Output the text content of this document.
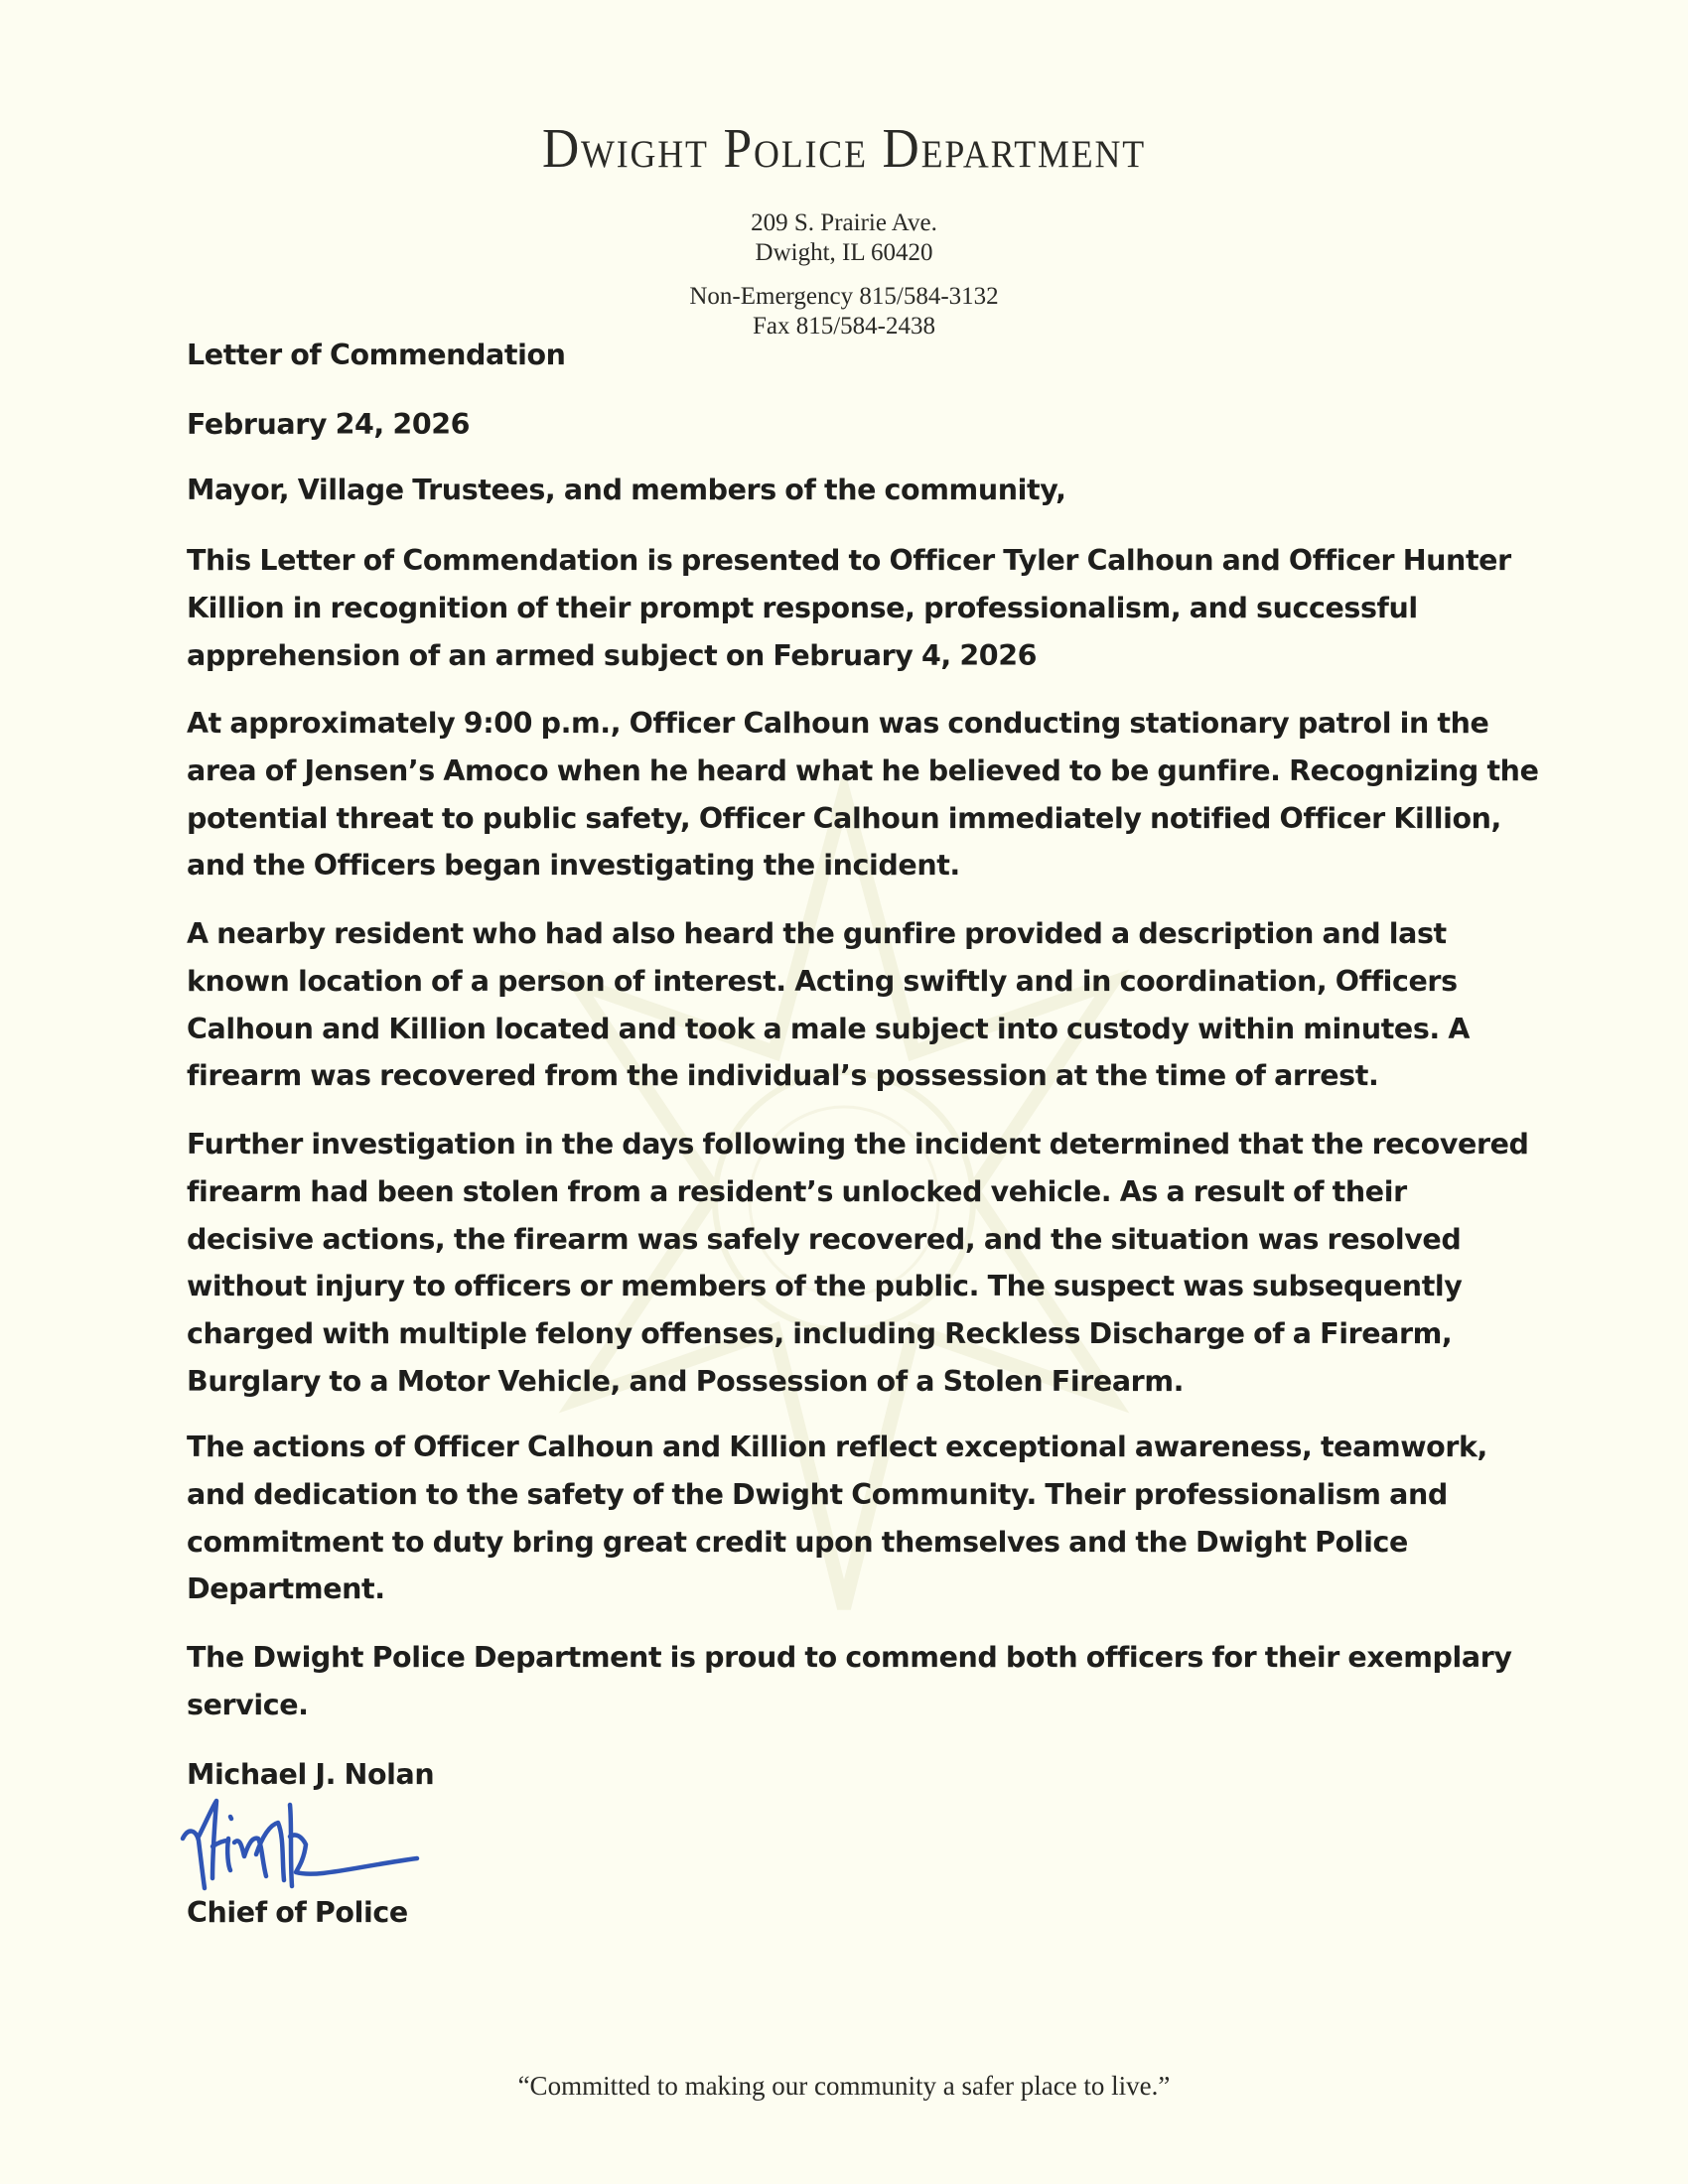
Dwight Police Department
209 S. Prairie Ave.
Dwight, IL 60420
Non-Emergency 815/584-3132
Fax 815/584-2438
Letter of Commendation
February 24, 2026
Mayor, Village Trustees, and members of the community,
This Letter of Commendation is presented to Officer Tyler Calhoun and Officer Hunter
Killion in recognition of their prompt response, professionalism, and successful
apprehension of an armed subject on February 4, 2026
At approximately 9:00 p.m., Officer Calhoun was conducting stationary patrol in the
area of Jensen’s Amoco when he heard what he believed to be gunfire. Recognizing the
potential threat to public safety, Officer Calhoun immediately notified Officer Killion,
and the Officers began investigating the incident.
A nearby resident who had also heard the gunfire provided a description and last
known location of a person of interest. Acting swiftly and in coordination, Officers
Calhoun and Killion located and took a male subject into custody within minutes. A
firearm was recovered from the individual’s possession at the time of arrest.
Further investigation in the days following the incident determined that the recovered
firearm had been stolen from a resident’s unlocked vehicle. As a result of their
decisive actions, the firearm was safely recovered, and the situation was resolved
without injury to officers or members of the public. The suspect was subsequently
charged with multiple felony offenses, including Reckless Discharge of a Firearm,
Burglary to a Motor Vehicle, and Possession of a Stolen Firearm.
The actions of Officer Calhoun and Killion reflect exceptional awareness, teamwork,
and dedication to the safety of the Dwight Community. Their professionalism and
commitment to duty bring great credit upon themselves and the Dwight Police
Department.
The Dwight Police Department is proud to commend both officers for their exemplary
service.
Michael J. Nolan
Chief of Police
“Committed to making our community a safer place to live.”
